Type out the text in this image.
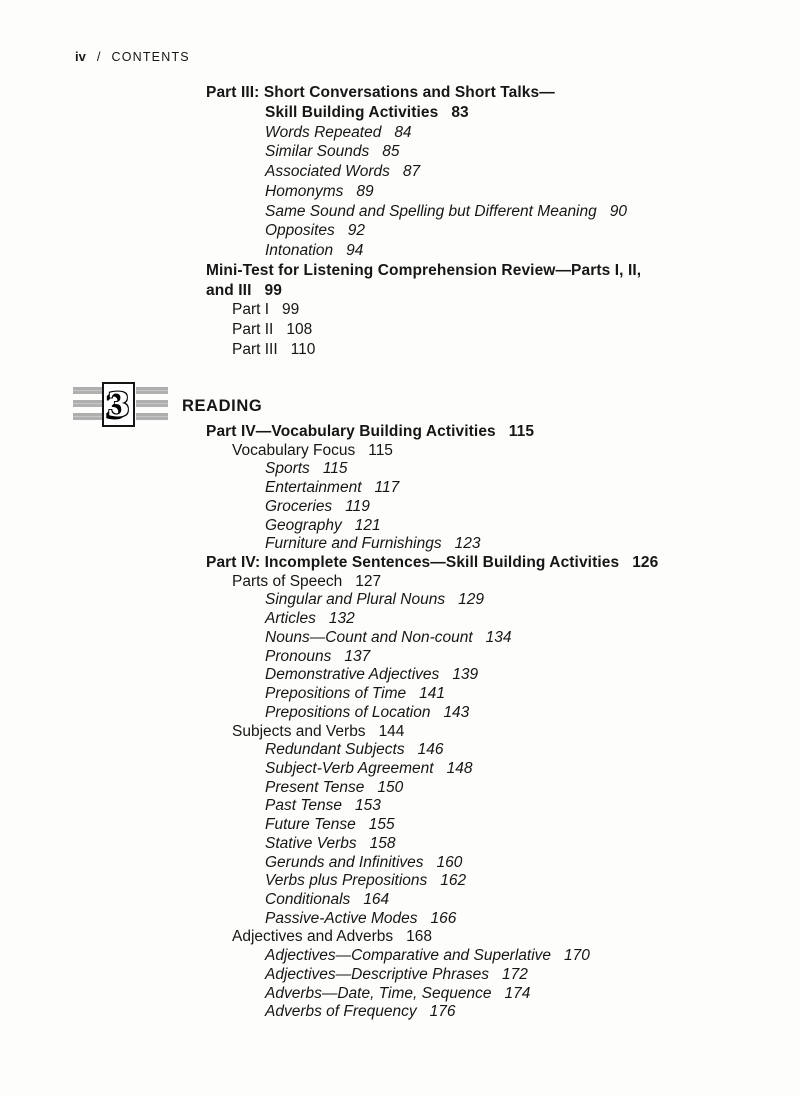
iv / CONTENTS
Part III: Short Conversations and Short Talks—
Skill Building Activities 83
Words Repeated 84
Similar Sounds 85
Associated Words 87
Homonyms 89
Same Sound and Spelling but Different Meaning 90
Opposites 92
Intonation 94
Mini-Test for Listening Comprehension Review—Parts I, II,
and III 99
Part I 99
Part II 108
Part III 110
3	READING
Part IV—Vocabulary Building Activities 115
Vocabulary Focus 115
Sports 115
Entertainment 117
Groceries 119
Geography 121
Furniture and Furnishings 123
Part IV: Incomplete Sentences—Skill Building Activities 126
Parts of Speech 127
Singular and Plural Nouns 129
Articles 132
Nouns—Count and Non-count 134
Pronouns 137
Demonstrative Adjectives 139
Prepositions of Time 141
Prepositions of Location 143
Subjects and Verbs 144
Redundant Subjects 146
Subject-Verb Agreement 148
Present Tense 150
Past Tense 153
Future Tense 155
Stative Verbs 158
Gerunds and Infinitives 160
Verbs plus Prepositions 162
Conditionals 164
Passive-Active Modes 166
Adjectives and Adverbs 168
Adjectives—Comparative and Superlative 170
Adjectives—Descriptive Phrases 172
Adverbs—Date, Time, Sequence 174
Adverbs of Frequency 176
